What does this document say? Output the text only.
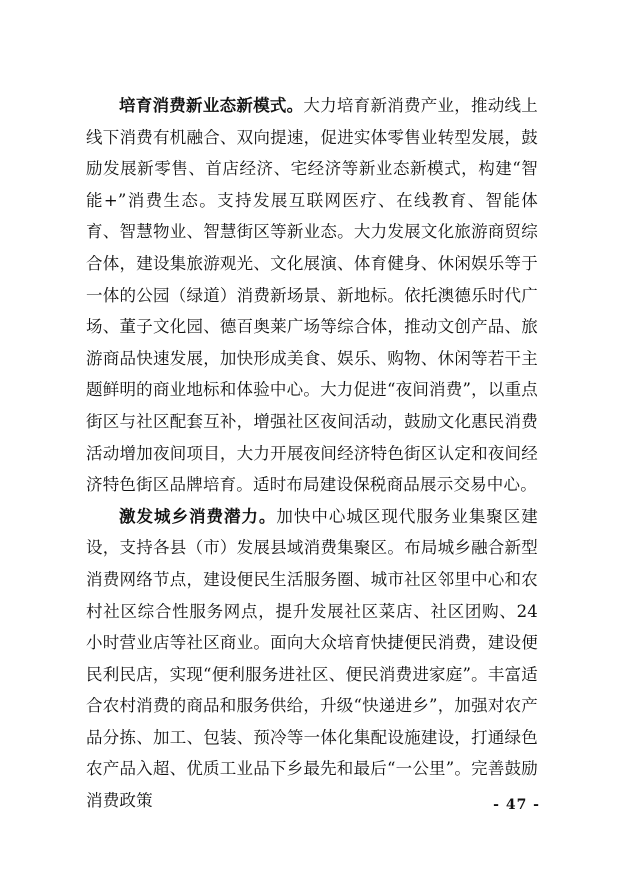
培育消费新业态新模式。大力培育新消费产业，推动线上线下消费有机融合、双向提速，促进实体零售业转型发展，鼓励发展新零售、首店经济、宅经济等新业态新模式，构建“智能+”消费生态。支持发展互联网医疗、在线教育、智能体育、智慧物业、智慧街区等新业态。大力发展文化旅游商贸综合体，建设集旅游观光、文化展演、体育健身、休闲娱乐等于一体的公园（绿道）消费新场景、新地标。依托澳德乐时代广场、董子文化园、德百奥莱广场等综合体，推动文创产品、旅游商品快速发展，加快形成美食、娱乐、购物、休闲等若干主题鲜明的商业地标和体验中心。大力促进“夜间消费”，以重点街区与社区配套互补，增强社区夜间活动，鼓励文化惠民消费活动增加夜间项目，大力开展夜间经济特色街区认定和夜间经济特色街区品牌培育。适时布局建设保税商品展示交易中心。

激发城乡消费潜力。加快中心城区现代服务业集聚区建设，支持各县（市）发展县域消费集聚区。布局城乡融合新型消费网络节点，建设便民生活服务圈、城市社区邻里中心和农村社区综合性服务网点，提升发展社区菜店、社区团购、24小时营业店等社区商业。面向大众培育快捷便民消费，建设便民利民店，实现“便利服务进社区、便民消费进家庭”。丰富适合农村消费的商品和服务供给，升级“快递进乡”，加强对农产品分拣、加工、包装、预冷等一体化集配设施建设，打通绿色农产品入超、优质工业品下乡最先和最后“一公里”。完善鼓励消费政策	- 47 -
